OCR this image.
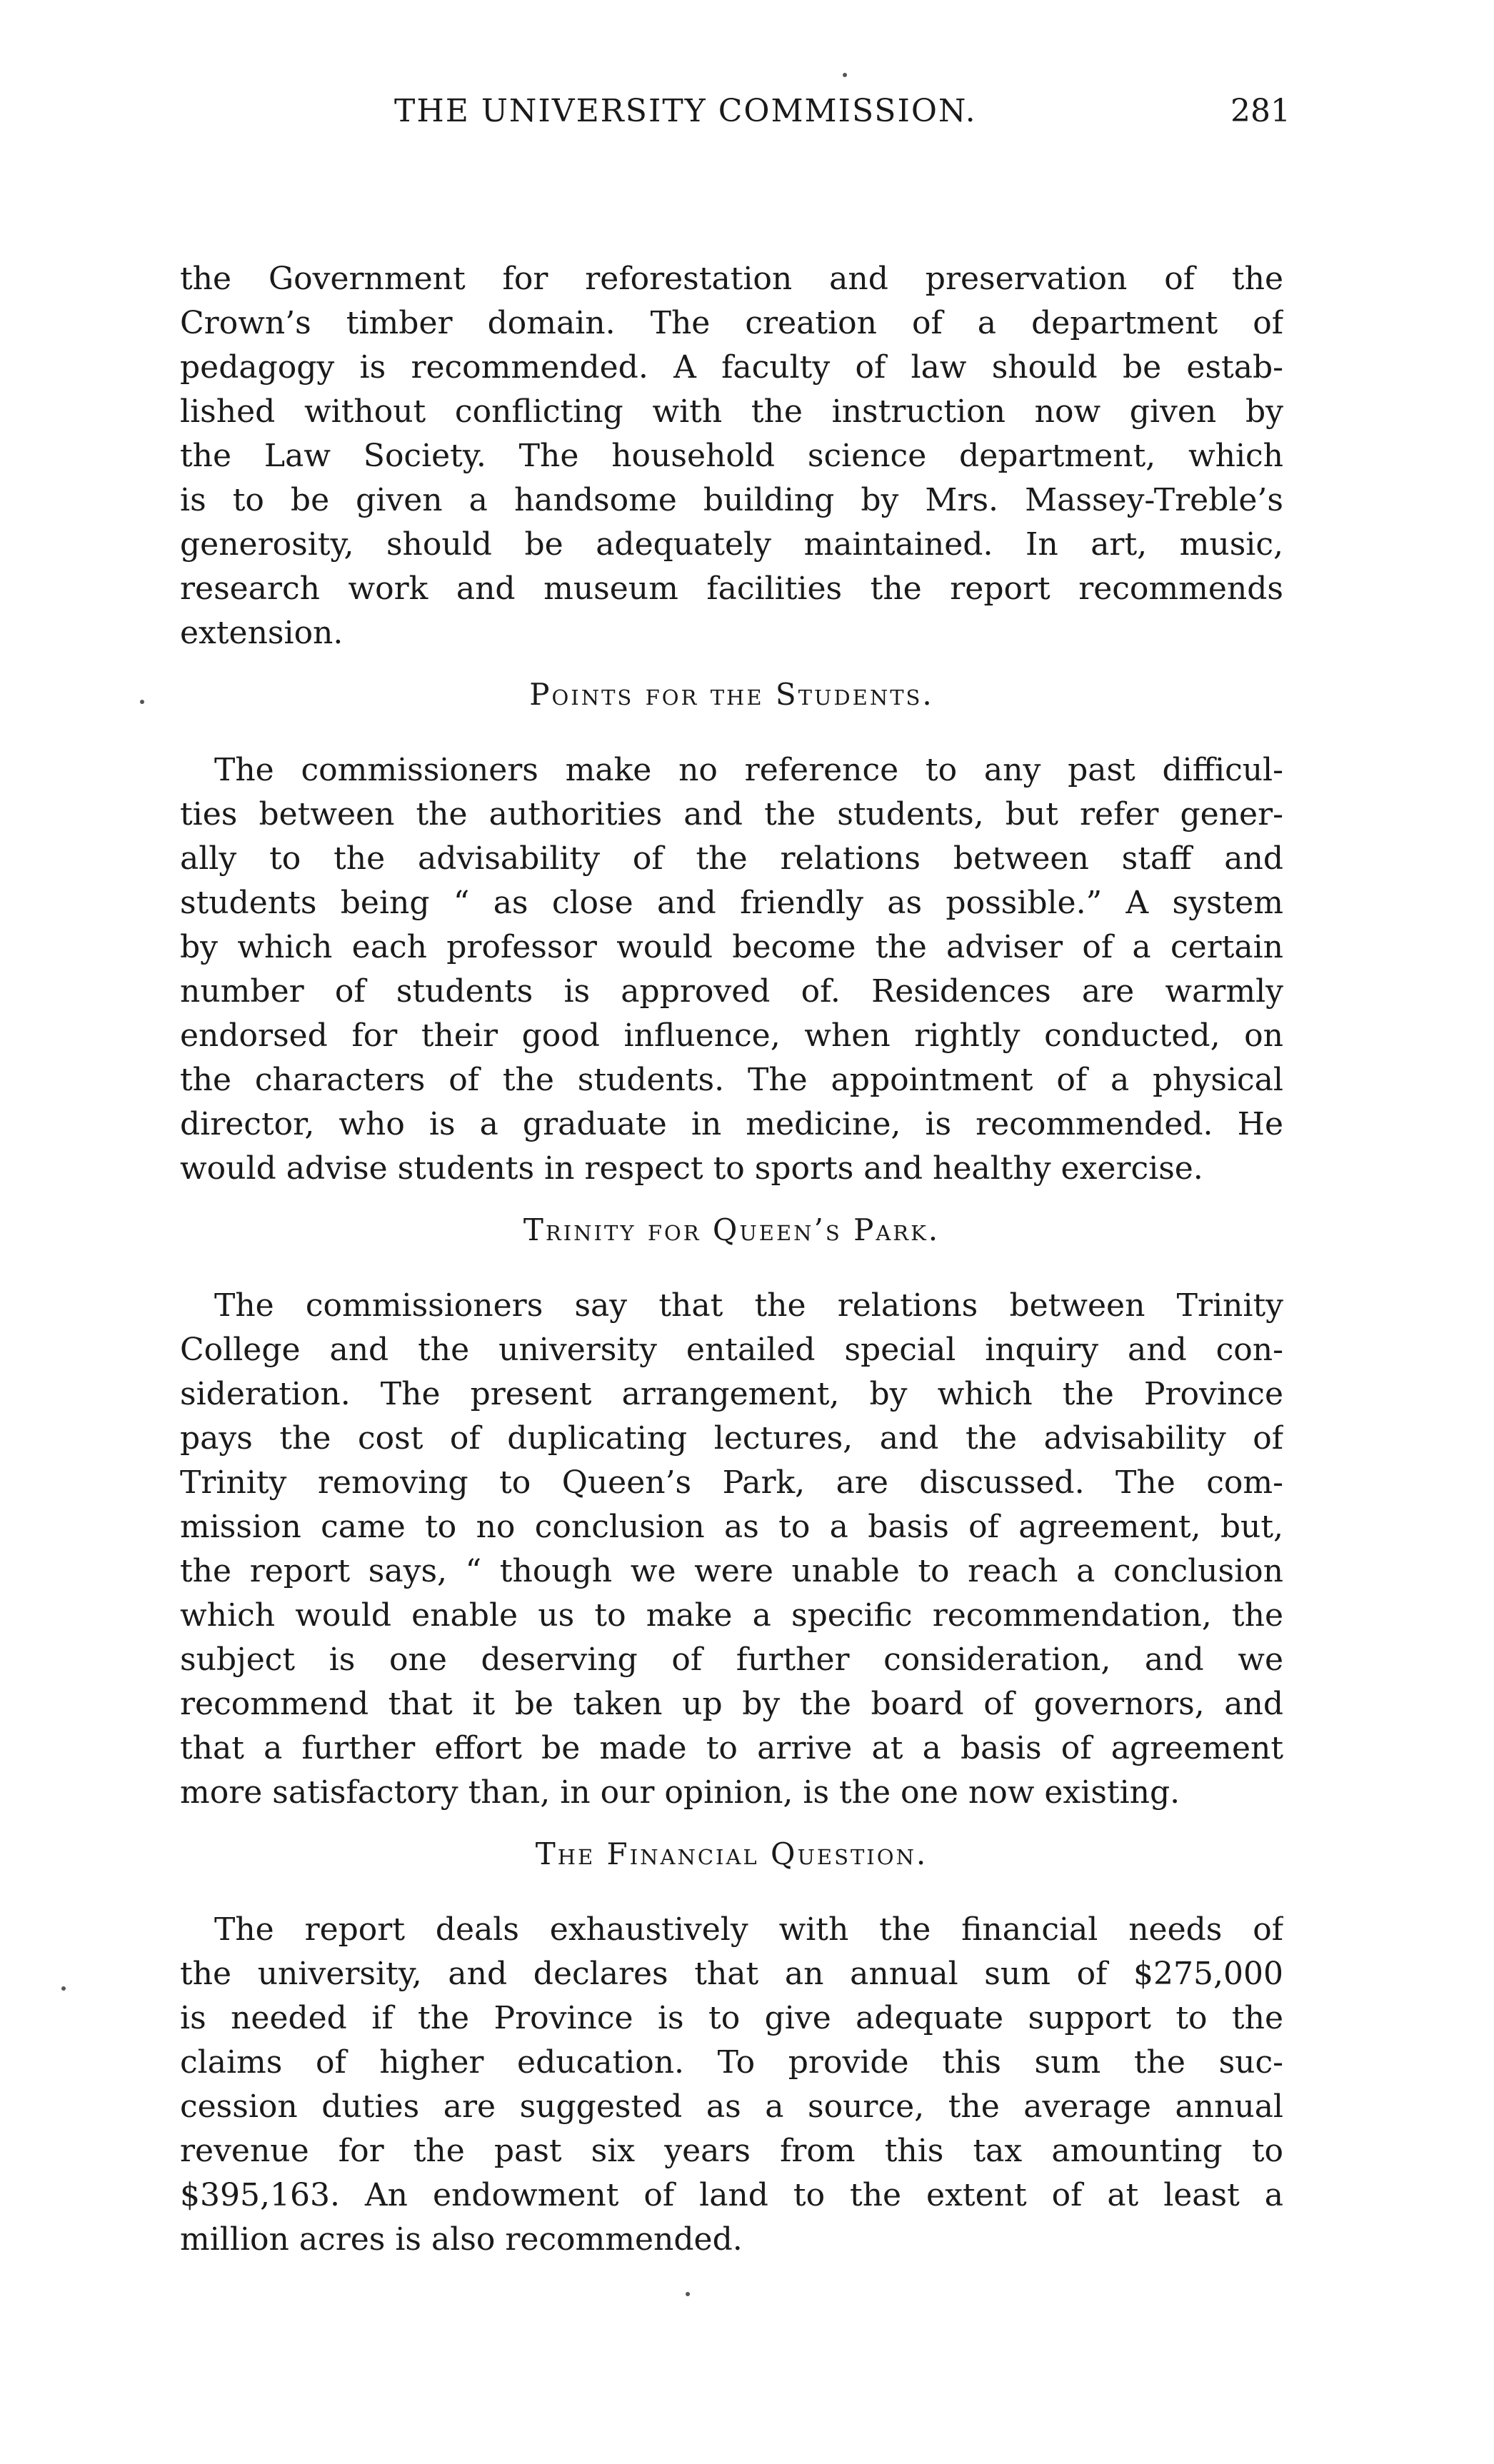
THE UNIVERSITY COMMISSION.	281

the Government for reforestation and preservation of the
Crown’s timber domain. The creation of a department of
pedagogy is recommended. A faculty of law should be estab-
lished without conflicting with the instruction now given by
the Law Society. The household science department, which
is to be given a handsome building by Mrs. Massey-Treble’s
generosity, should be adequately maintained. In art, music,
research work and museum facilities the report recommends
extension.

Points for the Students.

The commissioners make no reference to any past difficul-
ties between the authorities and the students, but refer gener-
ally to the advisability of the relations between staff and
students being “ as close and friendly as possible.” A system
by which each professor would become the adviser of a certain
number of students is approved of. Residences are warmly
endorsed for their good influence, when rightly conducted, on
the characters of the students. The appointment of a physical
director, who is a graduate in medicine, is recommended. He
would advise students in respect to sports and healthy exercise.

Trinity for Queen’s Park.

The commissioners say that the relations between Trinity
College and the university entailed special inquiry and con-
sideration. The present arrangement, by which the Province
pays the cost of duplicating lectures, and the advisability of
Trinity removing to Queen’s Park, are discussed. The com-
mission came to no conclusion as to a basis of agreement, but,
the report says, “ though we were unable to reach a conclusion
which would enable us to make a specific recommendation, the
subject is one deserving of further consideration, and we
recommend that it be taken up by the board of governors, and
that a further effort be made to arrive at a basis of agreement
more satisfactory than, in our opinion, is the one now existing.

The Financial Question.

The report deals exhaustively with the financial needs of
the university, and declares that an annual sum of $275,000
is needed if the Province is to give adequate support to the
claims of higher education. To provide this sum the suc-
cession duties are suggested as a source, the average annual
revenue for the past six years from this tax amounting to
$395,163. An endowment of land to the extent of at least a
million acres is also recommended.
